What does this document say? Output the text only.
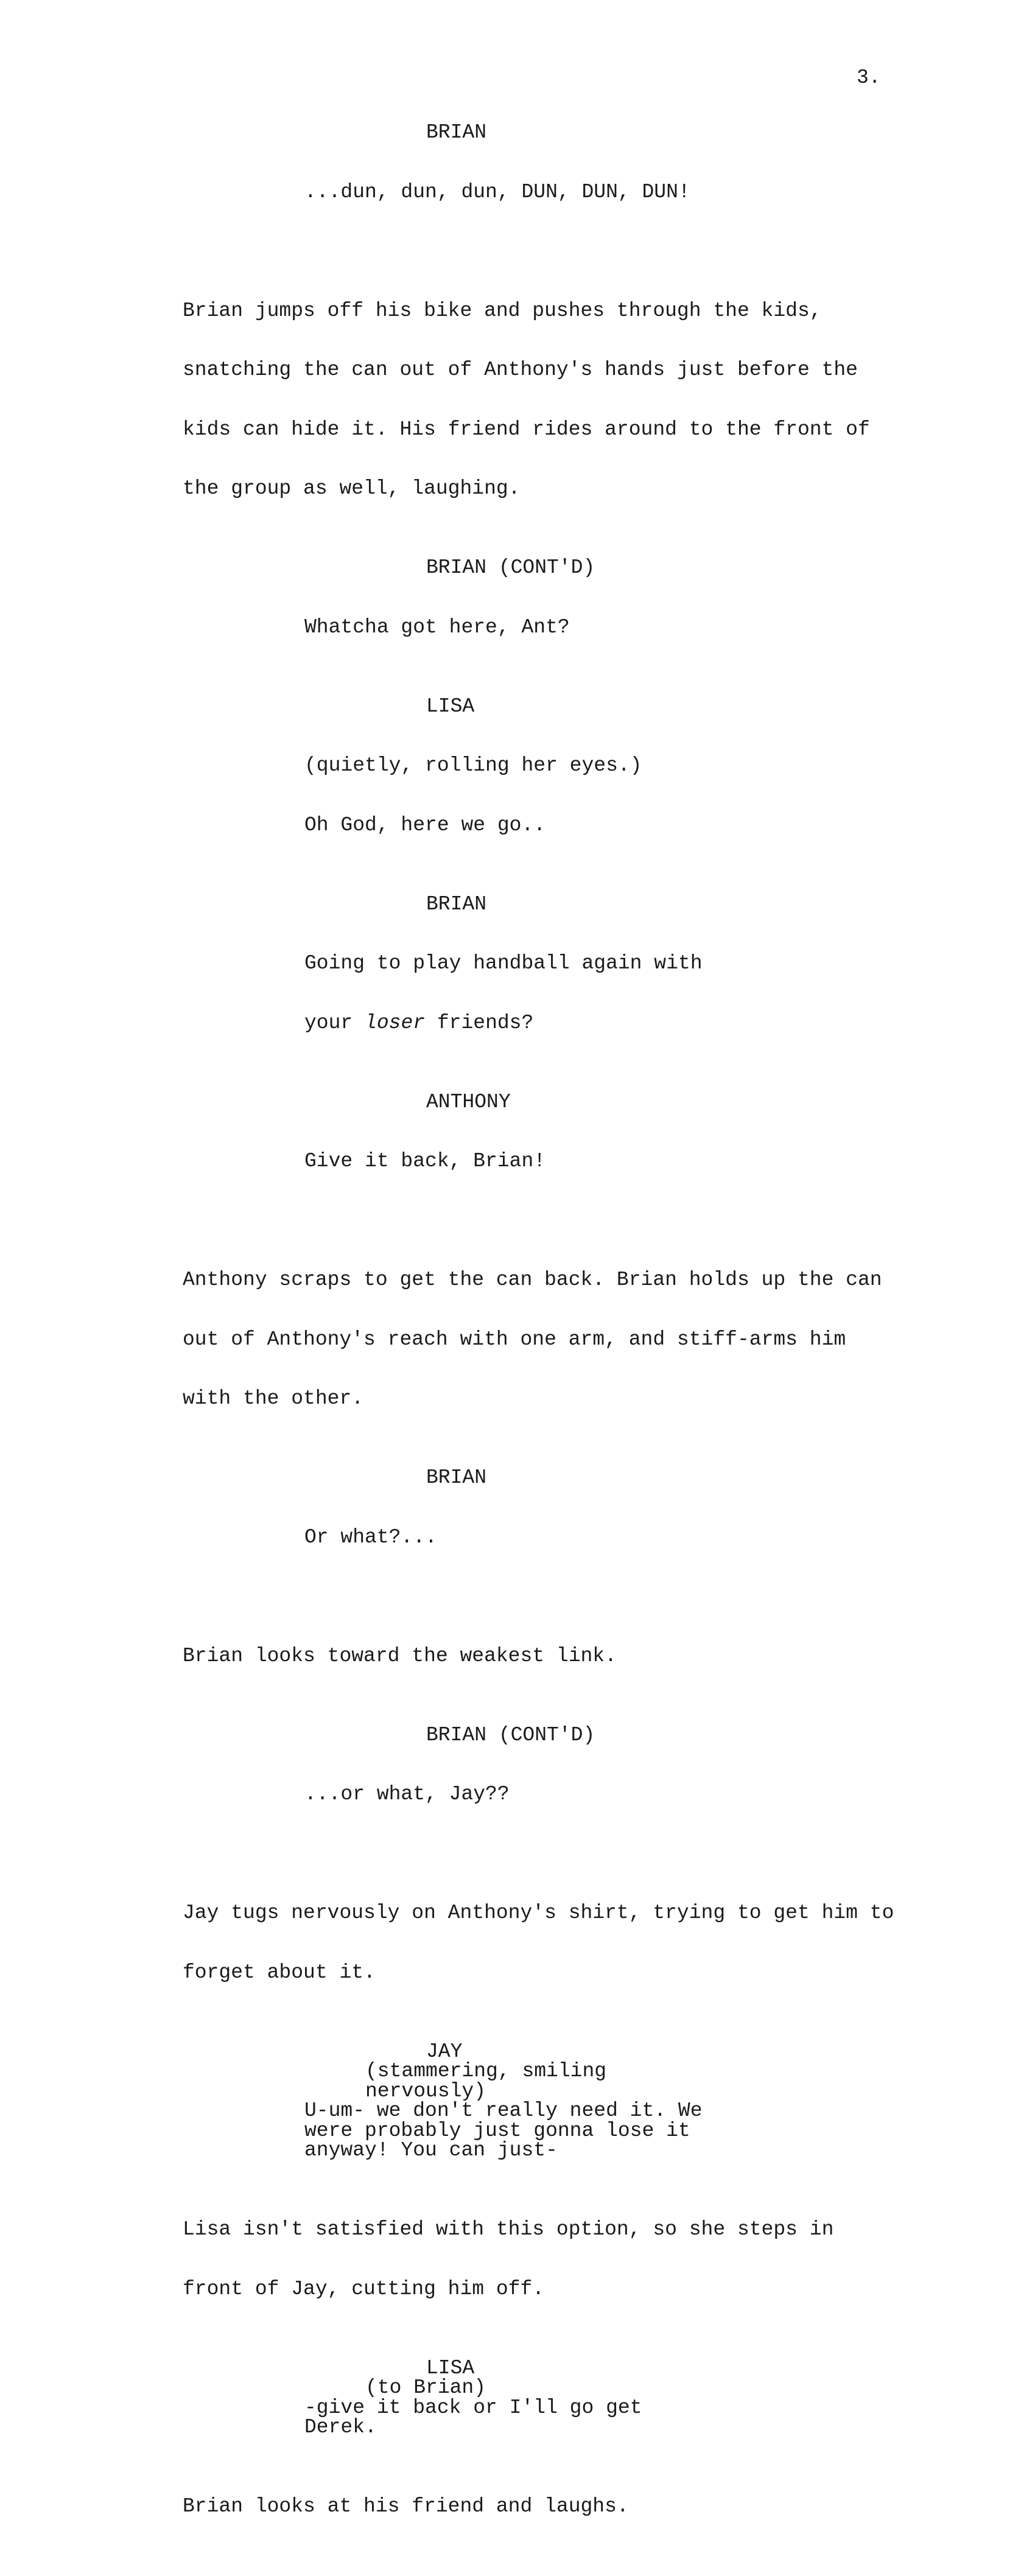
3.
BRIAN

...dun, dun, dun, DUN, DUN, DUN!

Brian jumps off his bike and pushes through the kids,

snatching the can out of Anthony's hands just before the

kids can hide it. His friend rides around to the front of

the group as well, laughing.

BRIAN (CONT'D)

Whatcha got here, Ant?

LISA

(quietly, rolling her eyes.)

Oh God, here we go..

BRIAN

Going to play handball again with

your loser friends?

ANTHONY

Give it back, Brian!

Anthony scraps to get the can back. Brian holds up the can

out of Anthony's reach with one arm, and stiff-arms him

with the other.

BRIAN

Or what?...

Brian looks toward the weakest link.

BRIAN (CONT'D)

...or what, Jay??

Jay tugs nervously on Anthony's shirt, trying to get him to

forget about it.

JAY
(stammering, smiling
nervously)
U-um- we don't really need it. We
were probably just gonna lose it
anyway! You can just-

Lisa isn't satisfied with this option, so she steps in

front of Jay, cutting him off.

LISA
(to Brian)
-give it back or I'll go get
Derek.

Brian looks at his friend and laughs.
